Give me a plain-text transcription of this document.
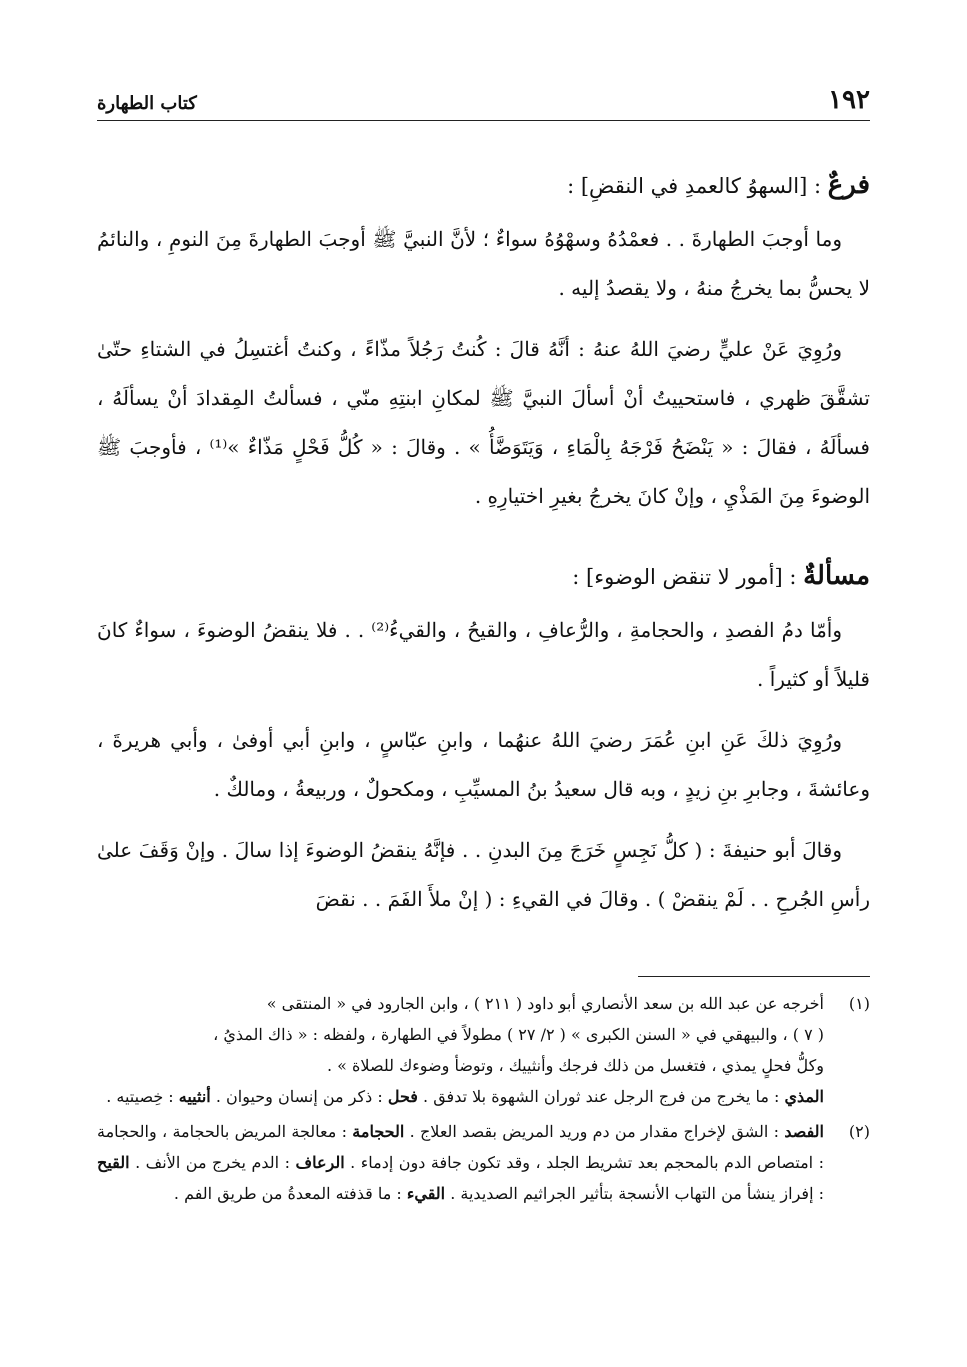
١٩٢
كتاب الطهارة
فرعٌ : [السهوُ كالعمدِ في النقضِ] :

وما أوجبَ الطهارةَ . . فعمْدُهُ وسهْوُهُ سواءٌ ؛ لأنَّ النبيَّ ﷺ أوجبَ الطهارةَ مِنَ النومِ ، والنائمُ لا يحسُّ بما يخرجُ منهُ ، ولا يقصدُ إليه .

ورُوِيَ عَنْ عليٍّ رضيَ اللهُ عنهُ : أنَّهُ قالَ : كُنتُ رَجُلاً مذّاءً ، وكنتُ أغتسِلُ في الشتاءِ حتّىٰ تشقَّقَ ظهري ، فاستحييتُ أنْ أسألَ النبيَّ ﷺ لمكانِ ابنتِهِ منّي ، فسألتُ المِقدادَ أنْ يسألَهُ ، فسألَهُ ، فقالَ : « يَنْضَحُ فَرْجَهُ بِالْمَاءِ ، وَيَتَوَضَّأُ » . وقالَ : « كُلُّ فَحْلٍ مَذّاءٌ »⁽¹⁾ ، فأوجبَ ﷺ الوضوءَ مِنَ المَذْيِ ، وإنْ كانَ يخرجُ بغيرِ اختيارِهِ .

مسألةٌ : [أمور لا تنقض الوضوء] :

وأمّا دمُ الفصدِ ، والحجامةِ ، والرُّعافِ ، والقيحُ ، والقيءُ⁽²⁾ . . فلا ينقضُ الوضوءَ ، سواءٌ كانَ قليلاً أو كثيراً .

ورُوِيَ ذلكَ عَنِ ابنِ عُمَرَ رضيَ اللهُ عنهُما ، وابنِ عبّاسٍ ، وابنِ أبي أوفىٰ ، وأبي هريرةَ ، وعائشةَ ، وجابرِ بنِ زيدٍ ، وبه قال سعيدُ بنُ المسيِّبِ ، ومكحولٌ ، وربيعةُ ، ومالكٌ .

وقالَ أبو حنيفةَ : ( كلُّ نَجِسٍ خَرَجَ مِنَ البدنِ . . فإنَّهُ ينقضُ الوضوءَ إذا سالَ . وإنْ وَقَفَ علىٰ رأسِ الجُرحِ . . لَمْ ينقضْ ) . وقالَ في القيءِ : ( إنْ ملأَ الفَمَ . . نقضَ

(١)
أخرجه عن عبد الله بن سعد الأنصاري أبو داود ( ٢١١ ) ، وابن الجارود في « المنتقى »
( ٧ ) ، والبيهقي في « السنن الكبرى » ( ٢/ ٢٧ ) مطولاً في الطهارة ، ولفظه : « ذاك المذيُ ،
وكلُّ فحلٍ يمذي ، فتغسل من ذلك فرجك وأنثييك ، وتوضأ وضوءك للصلاة » .
المذي : ما يخرج من فرج الرجل عند ثوران الشهوة بلا تدفق . فحل : ذكر من إنسان وحيوان . أنثييه : خِصيتيه .
(٢)
الفصد : الشق لإخراج مقدار من دم وريد المريض بقصد العلاج . الحجامة : معالجة المريض بالحجامة ، والحجامة : امتصاص الدم بالمحجم بعد تشريط الجلد ، وقد تكون جافة دون إدماء . الرعاف : الدم يخرج من الأنف . القيح : إفراز ينشأ من التهاب الأنسجة بتأثير الجراثيم الصديدية . القيء : ما قذفته المعدةُ من طريق الفم .
